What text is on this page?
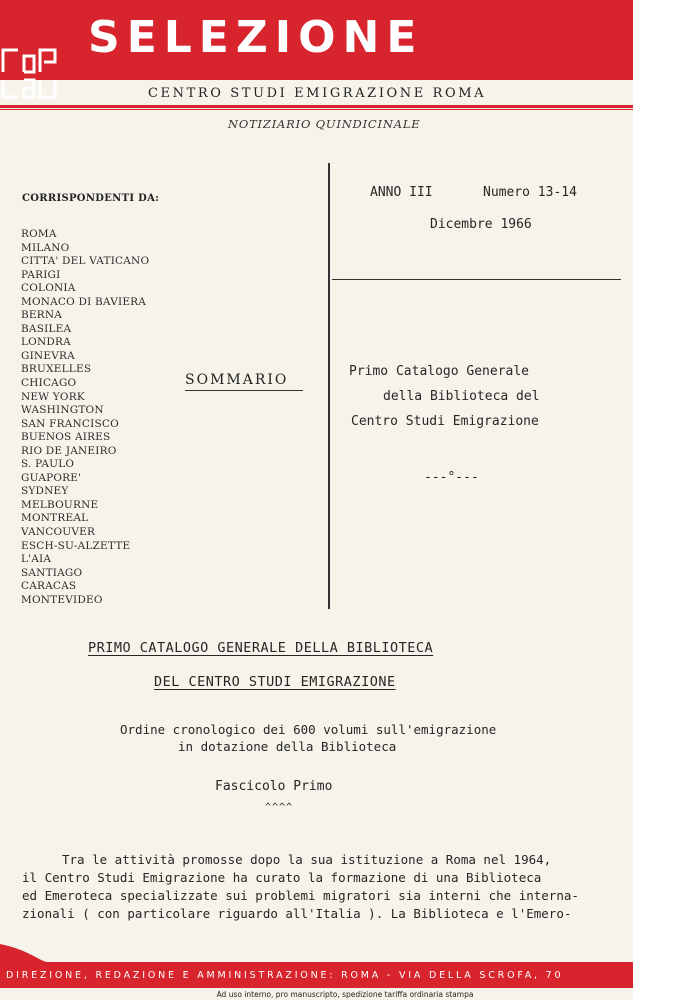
SELEZIONE
CENTRO STUDI EMIGRAZIONE ROMA
NOTIZIARIO QUINDICINALE
CORRISPONDENTI DA:
ROMA
MILANO
CITTA' DEL VATICANO
PARIGI
COLONIA
MONACO DI BAVIERA
BERNA
BASILEA
LONDRA
GINEVRA
BRUXELLES
CHICAGO
NEW YORK
WASHINGTON
SAN FRANCISCO
BUENOS AIRES
RIO DE JANEIRO
S. PAULO
GUAPORE'
SYDNEY
MELBOURNE
MONTREAL
VANCOUVER
ESCH-SU-ALZETTE
L'AIA
SANTIAGO
CARACAS
MONTEVIDEO
ANNO III	Numero 13-14
Dicembre 1966
SOMMARIO
Primo Catalogo Generale
della Biblioteca del
Centro Studi Emigrazione
---°---
PRIMO CATALOGO GENERALE DELLA BIBLIOTECA
DEL CENTRO STUDI EMIGRAZIONE
Ordine cronologico dei 600 volumi sull'emigrazione
in dotazione della Biblioteca
Fascicolo Primo
^^^^
Tra le attività promosse dopo la sua istituzione a Roma nel 1964,
il Centro Studi Emigrazione ha curato la formazione di una Biblioteca
ed Emeroteca specializzate sui problemi migratori sia interni che interna-
zionali ( con particolare riguardo all'Italia ). La Biblioteca e l'Emero-
DIREZIONE, REDAZIONE E AMMINISTRAZIONE: ROMA - VIA DELLA SCROFA, 70
Ad uso interno, pro manuscripto, spedizione tariffa ordinaria stampa
